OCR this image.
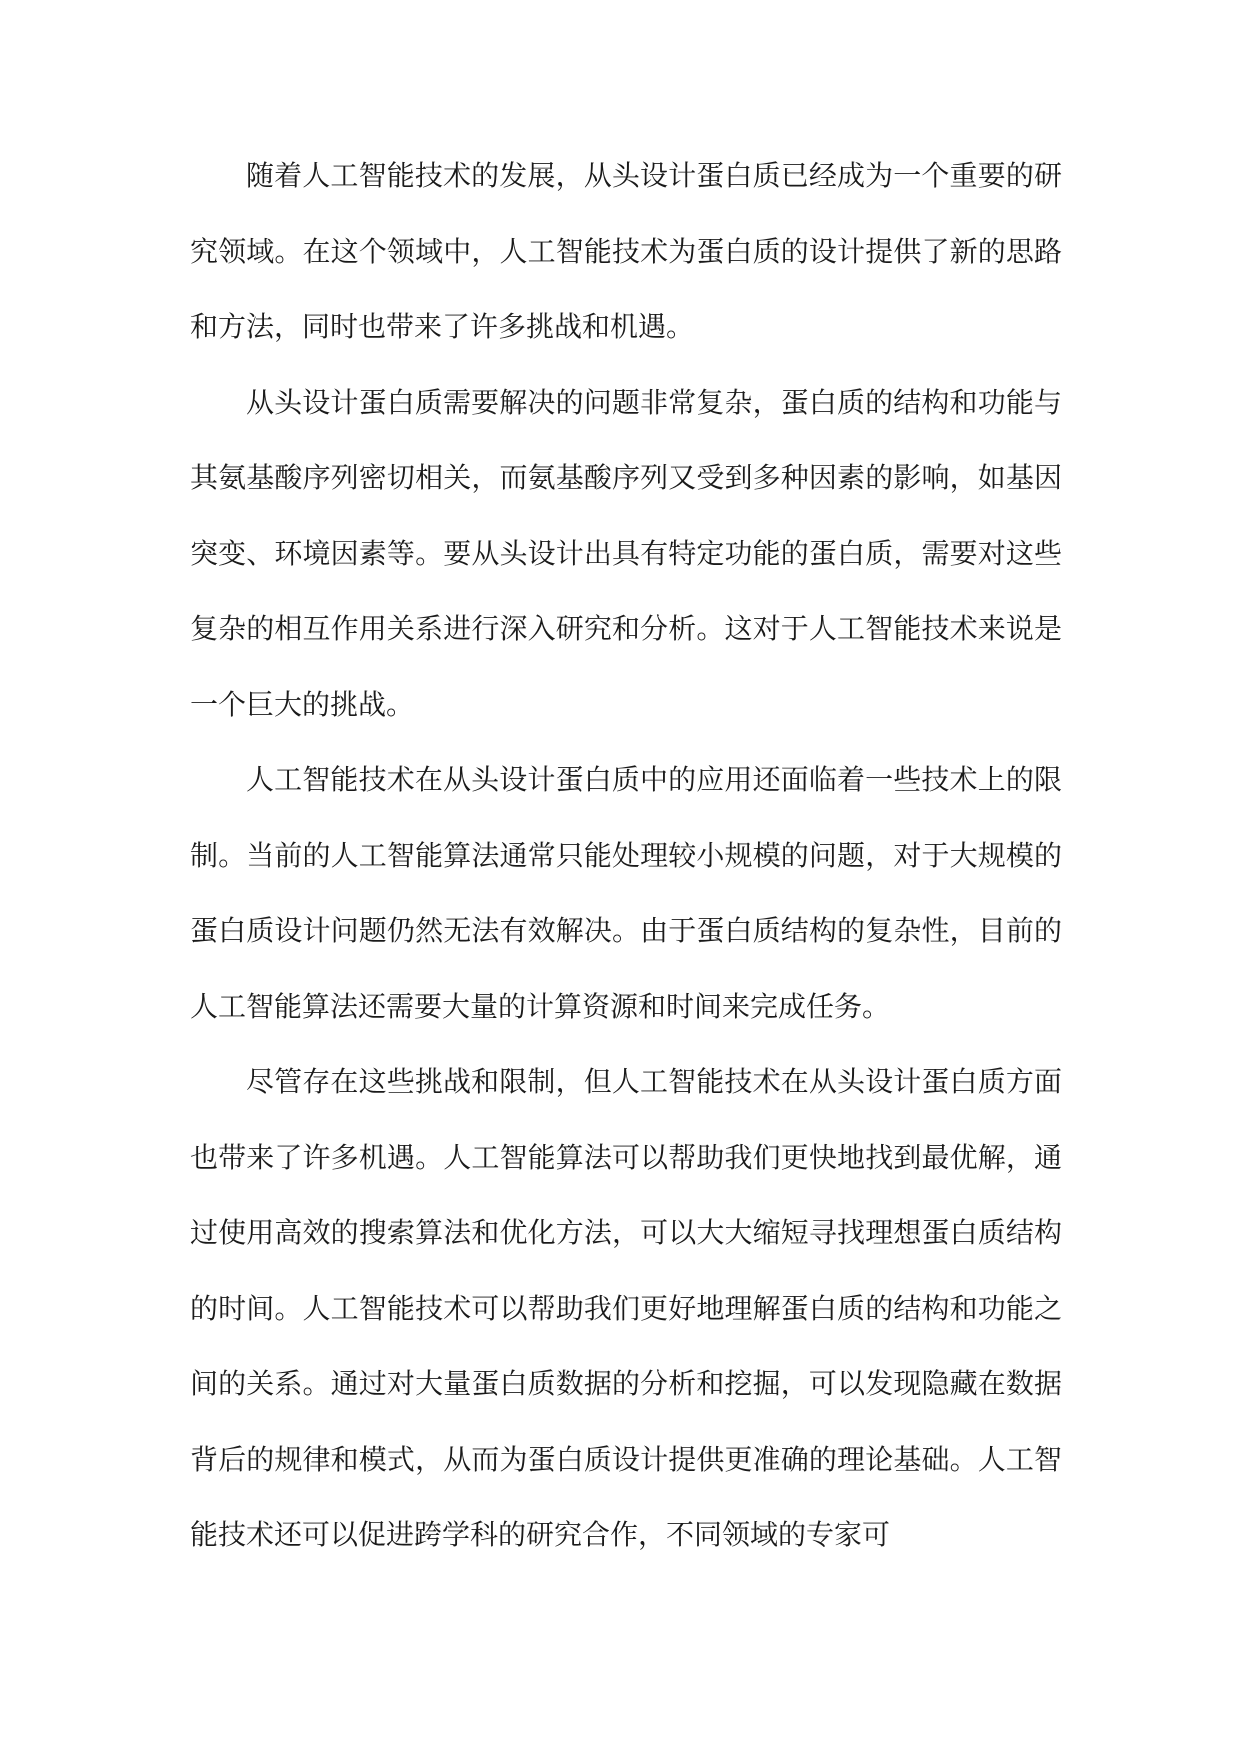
随着人工智能技术的发展，从头设计蛋白质已经成为一个重要的研究领域。在这个领域中，人工智能技术为蛋白质的设计提供了新的思路和方法，同时也带来了许多挑战和机遇。

从头设计蛋白质需要解决的问题非常复杂，蛋白质的结构和功能与其氨基酸序列密切相关，而氨基酸序列又受到多种因素的影响，如基因突变、环境因素等。要从头设计出具有特定功能的蛋白质，需要对这些复杂的相互作用关系进行深入研究和分析。这对于人工智能技术来说是一个巨大的挑战。

人工智能技术在从头设计蛋白质中的应用还面临着一些技术上的限制。当前的人工智能算法通常只能处理较小规模的问题，对于大规模的蛋白质设计问题仍然无法有效解决。由于蛋白质结构的复杂性，目前的人工智能算法还需要大量的计算资源和时间来完成任务。

尽管存在这些挑战和限制，但人工智能技术在从头设计蛋白质方面也带来了许多机遇。人工智能算法可以帮助我们更快地找到最优解，通过使用高效的搜索算法和优化方法，可以大大缩短寻找理想蛋白质结构的时间。人工智能技术可以帮助我们更好地理解蛋白质的结构和功能之间的关系。通过对大量蛋白质数据的分析和挖掘，可以发现隐藏在数据背后的规律和模式，从而为蛋白质设计提供更准确的理论基础。人工智能技术还可以促进跨学科的研究合作，不同领域的专家可
